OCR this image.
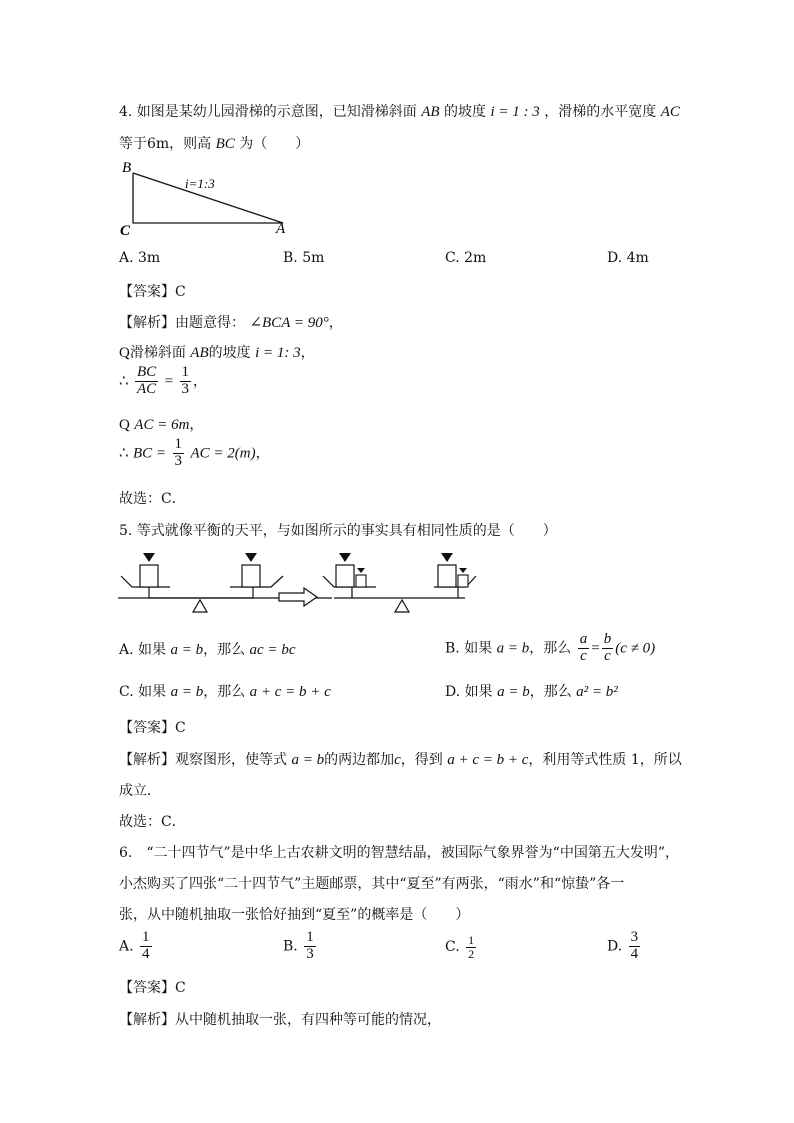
4. 如图是某幼儿园滑梯的示意图，已知滑梯斜面 AB 的坡度 i = 1 : 3 ，滑梯的水平宽度 AC
等于6m，则高 BC 为（　　）
B
C	A
i=1:3
A. 3m	B. 5m	C. 2m	D. 4m
【答案】C
【解析】由题意得： ∠BCA = 90°，
Q滑梯斜面 AB的坡度 i = 1: 3，
∴ $\frac{BC}{AC} = \frac{1}{3}$ ，
Q AC = 6m，
∴ BC = $\frac{1}{3}$ AC = 2(m)，
故选：C．
5. 等式就像平衡的天平，与如图所示的事实具有相同性质的是（　　）
A. 如果 a = b，那么 ac = bc	B. 如果 a = b，那么 $\frac{a}{c} = \frac{b}{c} (c \ne 0)$
C. 如果 a = b，那么 a + c = b + c	D. 如果 a = b，那么 a² = b²
【答案】C
【解析】观察图形，使等式 a = b的两边都加c，得到 a + c = b + c，利用等式性质 1，所以
成立．
故选：C．
6.　“二十四节气”是中华上古农耕文明的智慧结晶，被国际气象界誉为“中国第五大发明”，
小杰购买了四张“二十四节气”主题邮票，其中“夏至”有两张，“雨水”和“惊蛰”各一
张，从中随机抽取一张恰好抽到“夏至”的概率是（　　）
A. $\frac{1}{4}$	B. $\frac{1}{3}$	C. $\frac{1}{2}$	D. $\frac{3}{4}$
【答案】C
【解析】从中随机抽取一张，有四种等可能的情况，
